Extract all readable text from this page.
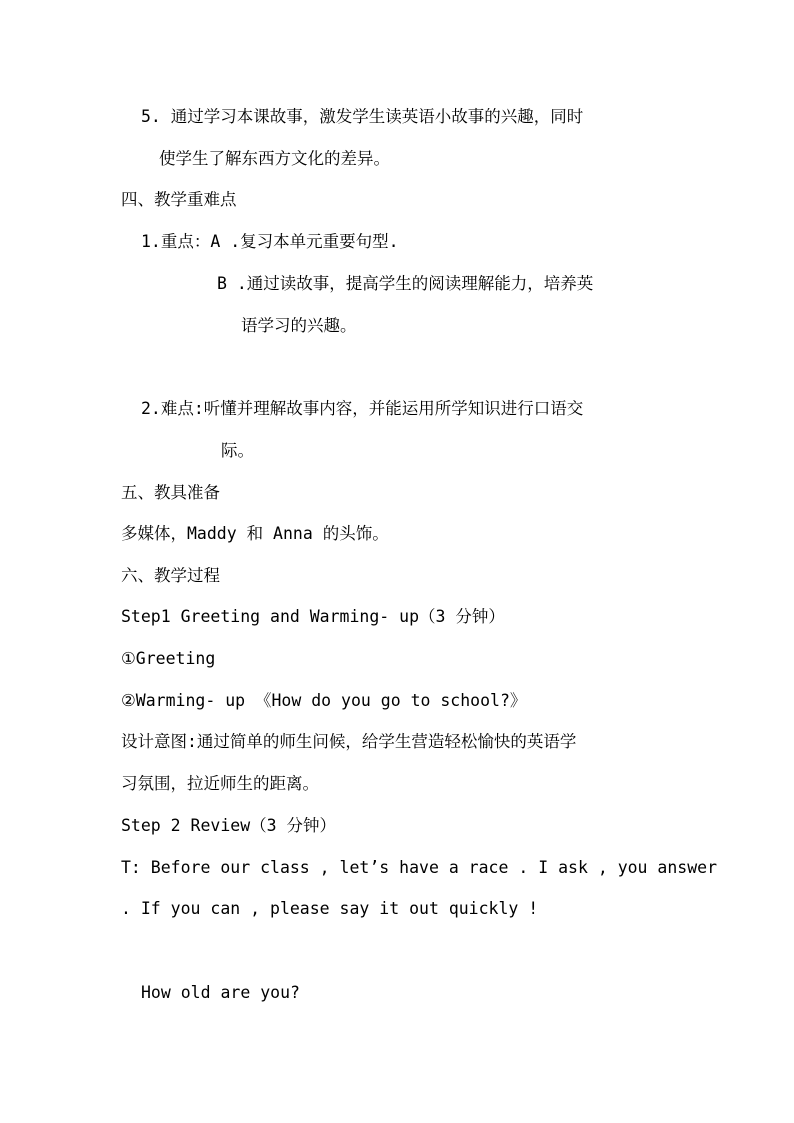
5. 通过学习本课故事，激发学生读英语小故事的兴趣，同时
使学生了解东西方文化的差异。
四、教学重难点
1.重点：A .复习本单元重要句型.
B .通过读故事，提高学生的阅读理解能力，培养英
语学习的兴趣。
2.难点:听懂并理解故事内容，并能运用所学知识进行口语交
际。
五、教具准备
多媒体，Maddy 和 Anna 的头饰。
六、教学过程
Step1 Greeting and Warming- up（3 分钟）
①Greeting
②Warming- up 《How do you go to school?》
设计意图:通过简单的师生问候，给学生营造轻松愉快的英语学
习氛围，拉近师生的距离。
Step 2 Review（3 分钟）
T: Before our class , let’s have a race . I ask , you answer
. If you can , please say it out quickly !
How old are you?
